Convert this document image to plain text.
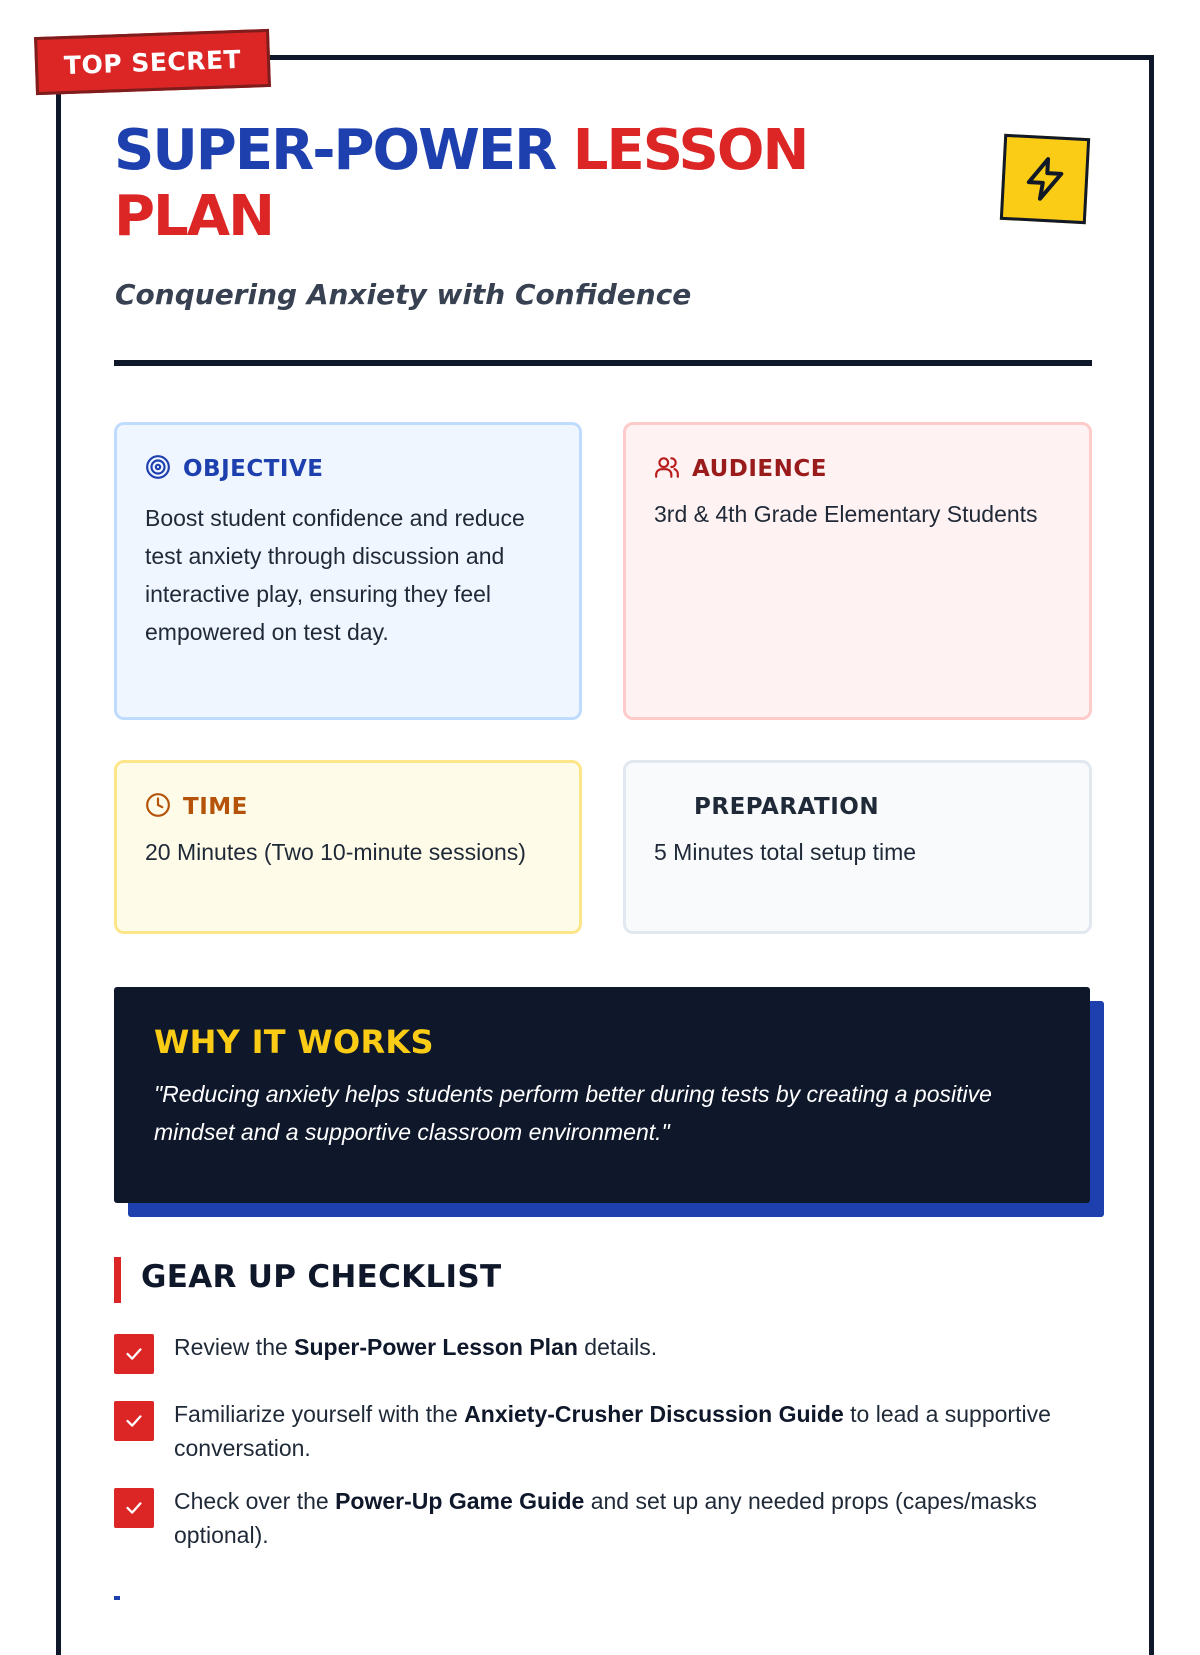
TOP SECRET
SUPER-POWER LESSON
PLAN

Conquering Anxiety with Confidence

OBJECTIVE
Boost student confidence and reduce test anxiety through discussion and interactive play, ensuring they feel empowered on test day.
AUDIENCE
3rd & 4th Grade Elementary Students
TIME
20 Minutes (Two 10-minute sessions)
PREPARATION
5 Minutes total setup time
WHY IT WORKS

"Reducing anxiety helps students perform better during tests by creating a positive mindset and a supportive classroom environment."

GEAR UP CHECKLIST
Review the Super-Power Lesson Plan details.
Familiarize yourself with the Anxiety-Crusher Discussion Guide to lead a supportive conversation.
Check over the Power-Up Game Guide and set up any needed props (capes/masks optional).
